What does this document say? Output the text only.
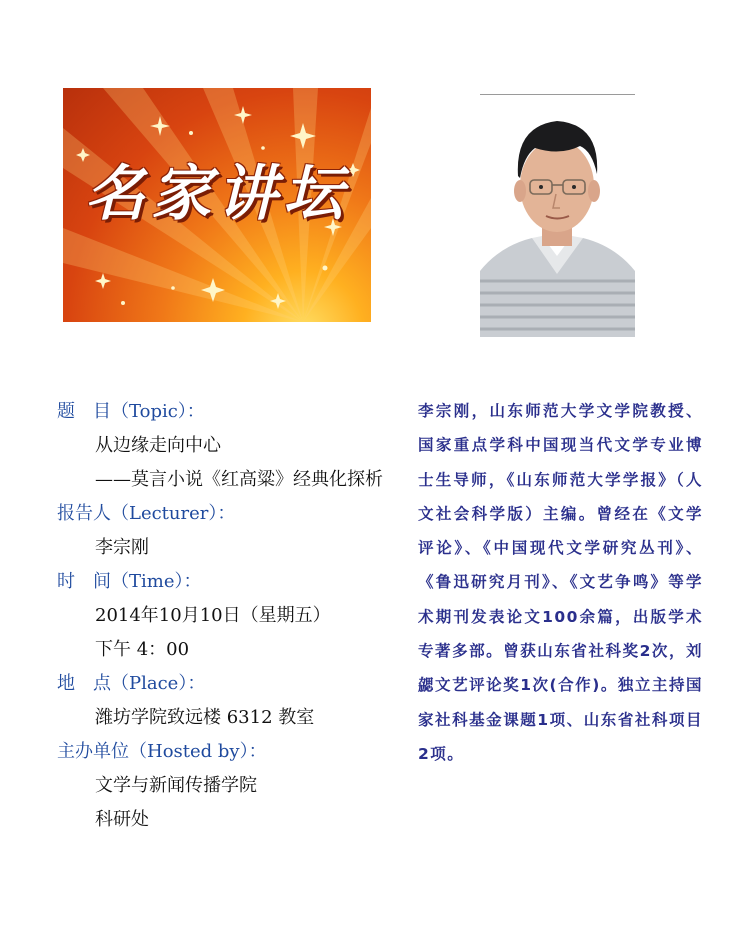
名家讲坛
题　目（Topic）：
从边缘走向中心
——莫言小说《红高粱》经典化探析
报告人（Lecturer）：
李宗刚
时　间（Time）：
2014年10月10日（星期五）
下午 4：00
地　点（Place）：
潍坊学院致远楼 6312 教室
主办单位（Hosted by）：
文学与新闻传播学院
科研处
李宗刚，山东师范大学文学院教授、国家重点学科中国现当代文学专业博士生导师，《山东师范大学学报》（人文社会科学版）主编。曾经在《文学评论》、《中国现代文学研究丛刊》、《鲁迅研究月刊》、《文艺争鸣》等学术期刊发表论文100余篇，出版学术专著多部。曾获山东省社科奖2次，刘勰文艺评论奖1次(合作)。独立主持国家社科基金课题1项、山东省社科项目2项。
